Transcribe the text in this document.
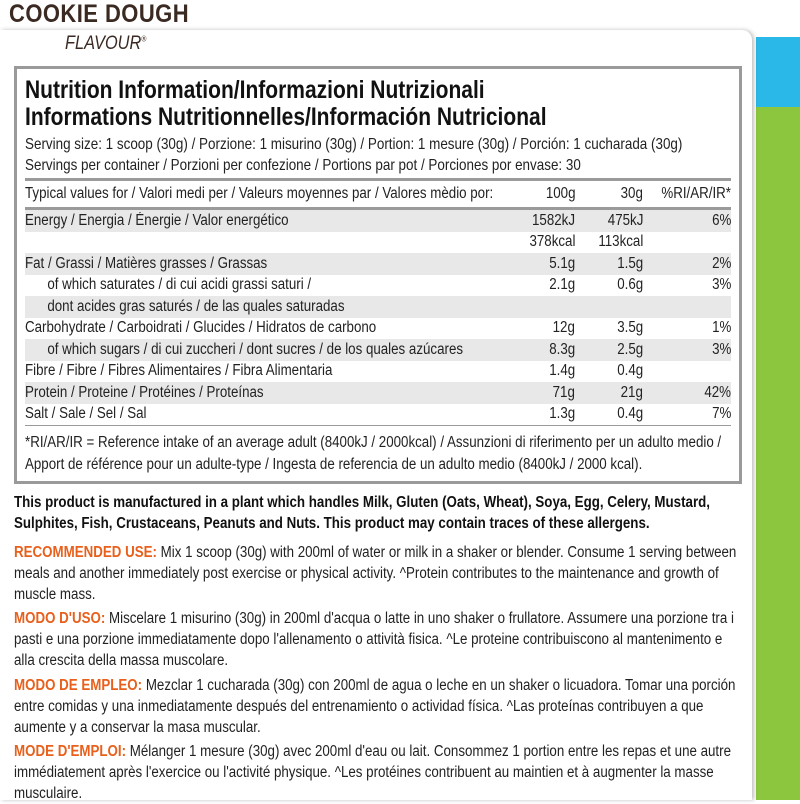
COOKIE DOUGH
FLAVOUR®
Nutrition Information/Informazioni Nutrizionali
Informations Nutritionnelles/Información Nutricional
Serving size: 1 scoop (30g) / Porzione: 1 misurino (30g) / Portion: 1 mesure (30g) / Porción: 1 cucharada (30g)
Servings per container / Porzioni per confezione / Portions par pot / Porciones por envase: 30
Typical values for / Valori medi per / Valeurs moyennes par / Valores mèdio por:	100g	30g	%RI/AR/IR*

Energy / Energia / Énergie / Valor energético	1582kJ	475kJ	6%
	378kcal	113kcal	
Fat / Grassi / Matières grasses / Grassas	5.1g	1.5g	2%
of which saturates / di cui acidi grassi saturi /	2.1g	0.6g	3%
dont acides gras saturés / de las quales saturadas			
Carbohydrate / Carboidrati / Glucides / Hidratos de carbono	12g	3.5g	1%
of which sugars / di cui zuccheri / dont sucres / de los quales azúcares	8.3g	2.5g	3%
Fibre / Fibre / Fibres Alimentaires / Fibra Alimentaria	1.4g	0.4g	
Protein / Proteine / Protéines / Proteínas	71g	21g	42%
Salt / Sale / Sel / Sal	1.3g	0.4g	7%
*RI/AR/IR = Reference intake of an average adult (8400kJ / 2000kcal) / Assunzioni di riferimento per un adulto medio / Apport de référence pour un adulte-type / Ingesta de referencia de un adulto medio (8400kJ / 2000 kcal).
This product is manufactured in a plant which handles Milk, Gluten (Oats, Wheat), Soya, Egg, Celery, Mustard, Sulphites, Fish, Crustaceans, Peanuts and Nuts. This product may contain traces of these allergens.
RECOMMENDED USE: Mix 1 scoop (30g) with 200ml of water or milk in a shaker or blender. Consume 1 serving between meals and another immediately post exercise or physical activity. ^Protein contributes to the maintenance and growth of muscle mass.
MODO D'USO: Miscelare 1 misurino (30g) in 200ml d'acqua o latte in uno shaker o frullatore. Assumere una porzione tra i pasti e una porzione immediatamente dopo l'allenamento o attività fisica. ^Le proteine contribuiscono al mantenimento e alla crescita della massa muscolare.
MODO DE EMPLEO: Mezclar 1 cucharada (30g) con 200ml de agua o leche en un shaker o licuadora. Tomar una porción entre comidas y una inmediatamente después del entrenamiento o actividad física. ^Las proteínas contribuyen a que aumente y a conservar la masa muscular.
MODE D'EMPLOI: Mélanger 1 mesure (30g) avec 200ml d'eau ou lait. Consommez 1 portion entre les repas et une autre immédiatement après l'exercice ou l'activité physique. ^Les protéines contribuent au maintien et à augmenter la masse musculaire.
